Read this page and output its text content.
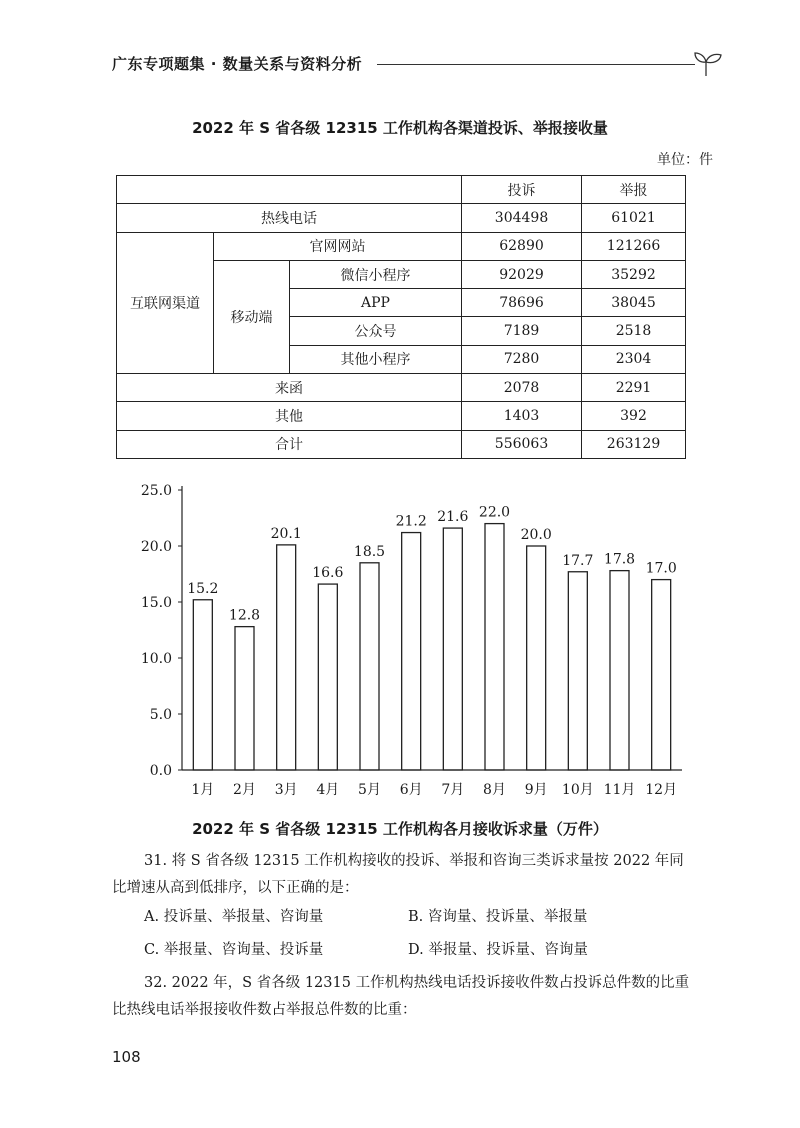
广东专项题集 · 数量关系与资料分析
2022 年 S 省各级 12315 工作机构各渠道投诉、举报接收量
单位：件
			投诉	举报
热线电话			304498	61021
互联网渠道	官网网站		62890	121266
	移动端	微信小程序	92029	35292
		APP	78696	38045
		公众号	7189	2518
		其他小程序	7280	2304
来函			2078	2291
其他			1403	392
合计			556063	263129
0.0
5.0
10.0
15.0
20.0
25.0
15.2
12.8
20.1
16.6
18.5
21.2 21.6 22.0
20.0
17.7 17.8
17.0
1月 2月 3月 4月 5月 6月 7月 8月 9月 10月 11月 12月
2022 年 S 省各级 12315 工作机构各月接收诉求量（万件）
31. 将 S 省各级 12315 工作机构接收的投诉、举报和咨询三类诉求量按 2022 年同比增速从高到低排序，以下正确的是：
A. 投诉量、举报量、咨询量	B. 咨询量、投诉量、举报量
C. 举报量、咨询量、投诉量	D. 举报量、投诉量、咨询量
32. 2022 年，S 省各级 12315 工作机构热线电话投诉接收件数占投诉总件数的比重比热线电话举报接收件数占举报总件数的比重：
108
